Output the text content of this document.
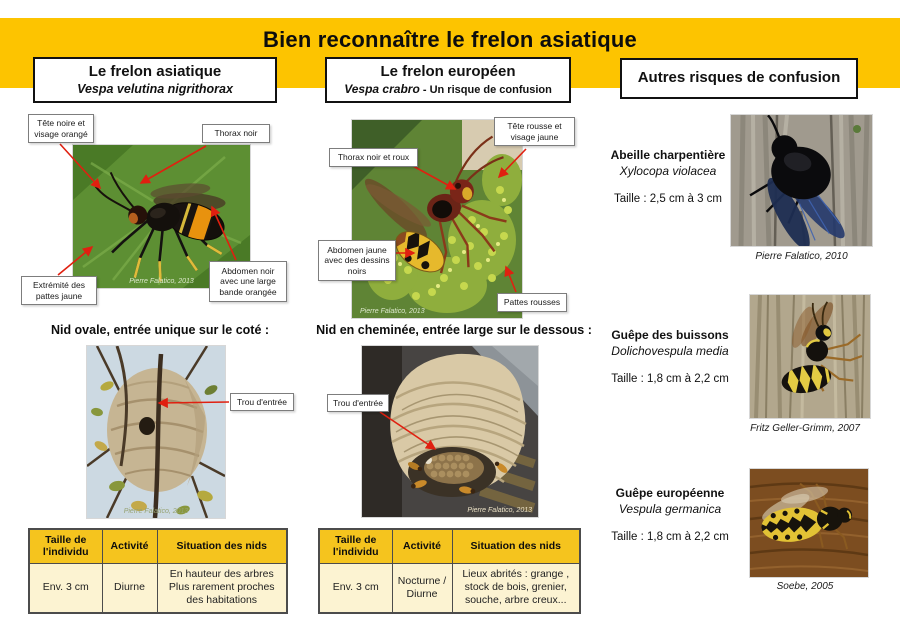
Bien reconnaître le frelon asiatique
Le frelon asiatique
Vespa velutina nigrithorax
Le frelon européen
Vespa crabro - Un risque de confusion
Autres risques de confusion
Pierre Falatico, 2013
Pierre Falatico, 2013
Tête noire et visage orangé	Thorax noir
Extrémité des pattes jaune
Abdomen noir avec une large bande orangée
Tête rousse et visage jaune
Thorax noir et roux
Abdomen jaune avec des dessins noirs
Pattes rousses
Nid ovale, entrée unique sur le coté :	Nid en cheminée, entrée large sur le dessous :
Pierre Falatico, 2013	Pierre Falatico, 2013
Trou d'entrée	Trou d'entrée
Taille de l'individu	Activité	Situation des nids
Env. 3 cm	Diurne	En hauteur des arbres Plus rarement proches des habitations
Taille de l'individu	Activité	Situation des nids
Env. 3 cm	Nocturne / Diurne	Lieux abrités : grange , stock de bois, grenier, souche, arbre creux...
Abeille charpentière
Xylocopa violacea
Taille : 2,5 cm à 3 cm
Pierre Falatico, 2010
Guêpe des buissons
Dolichovespula media
Taille : 1,8 cm à 2,2 cm
Fritz Geller-Grimm, 2007
Guêpe européenne
Vespula germanica
Taille : 1,8 cm à 2,2 cm
Soebe, 2005
